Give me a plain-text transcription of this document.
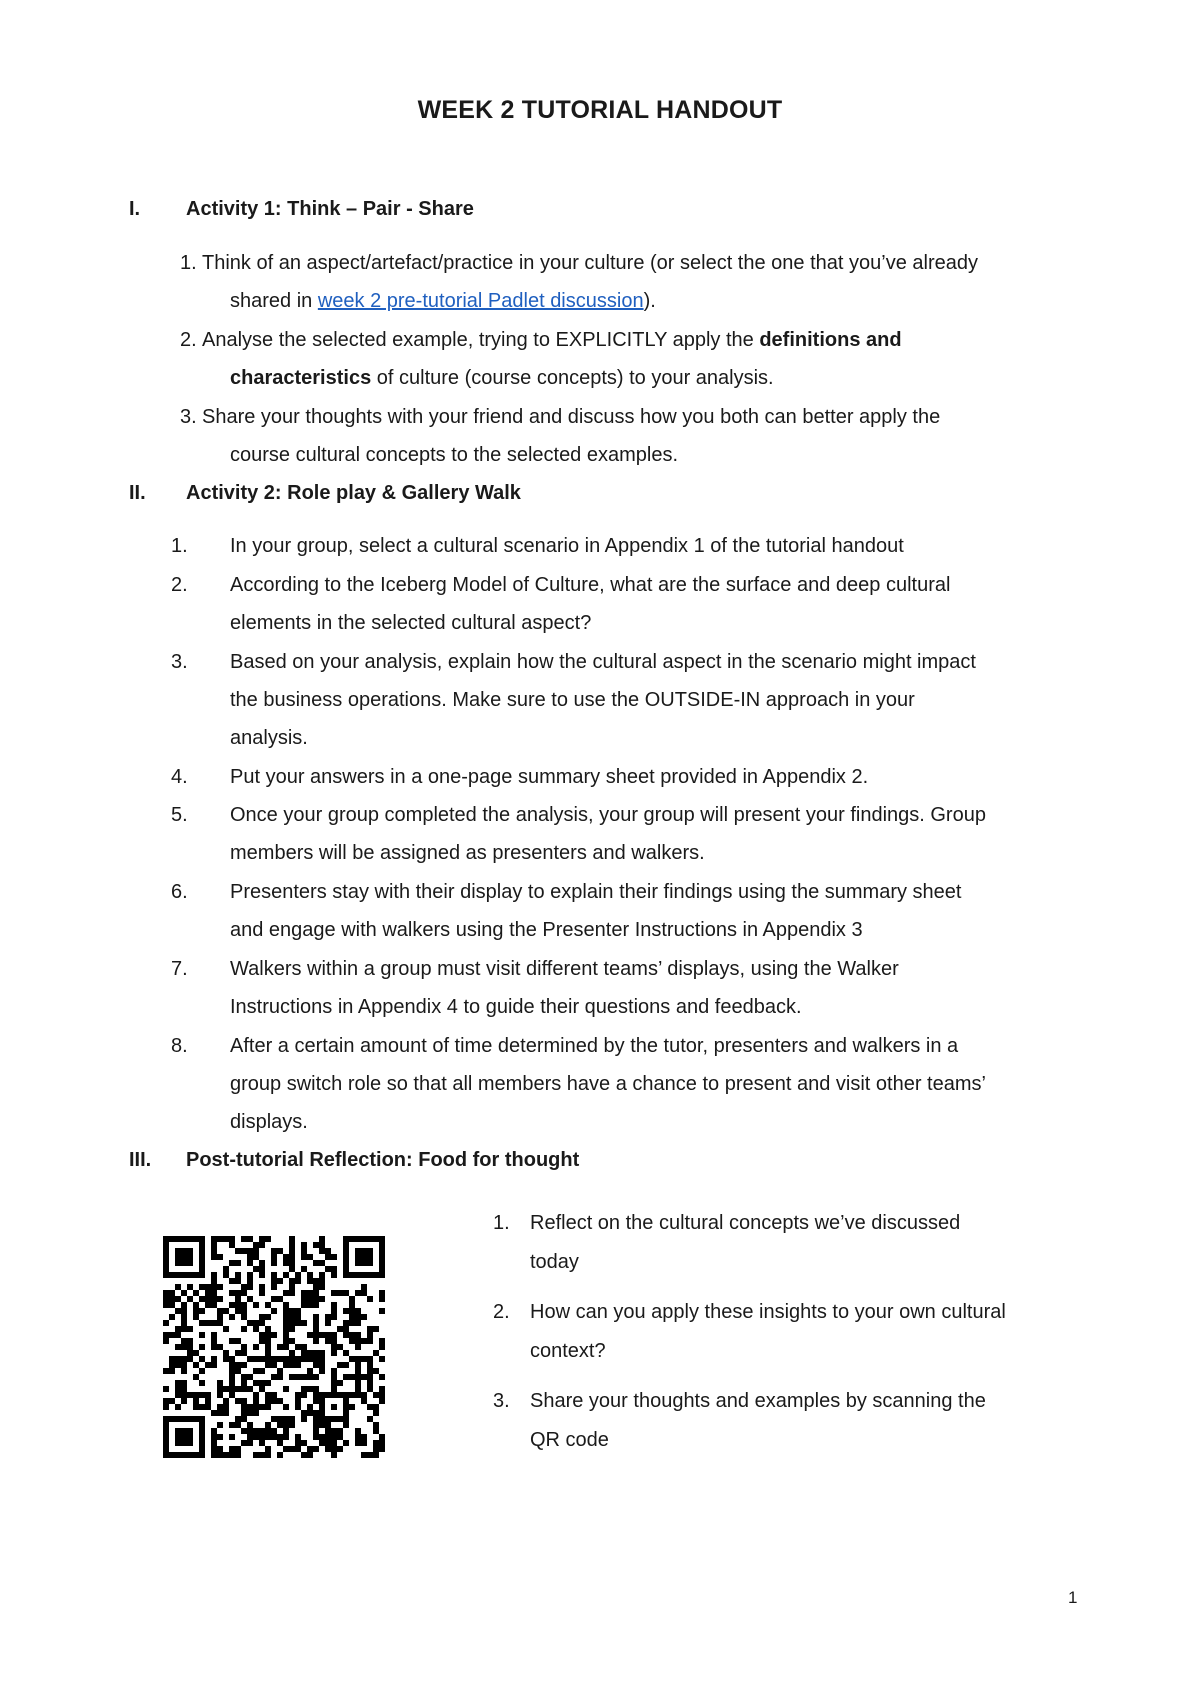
WEEK 2 TUTORIAL HANDOUT
I. Activity 1: Think – Pair - Share
1. Think of an aspect/artefact/practice in your culture (or select the one that you’ve already
shared in week 2 pre-tutorial Padlet discussion).
2. Analyse the selected example, trying to EXPLICITLY apply the definitions and
characteristics of culture (course concepts) to your analysis.
3. Share your thoughts with your friend and discuss how you both can better apply the
course cultural concepts to the selected examples.
II. Activity 2: Role play & Gallery Walk
1. In your group, select a cultural scenario in Appendix 1 of the tutorial handout
2. According to the Iceberg Model of Culture, what are the surface and deep cultural
elements in the selected cultural aspect?
3. Based on your analysis, explain how the cultural aspect in the scenario might impact
the business operations. Make sure to use the OUTSIDE-IN approach in your
analysis.
4. Put your answers in a one-page summary sheet provided in Appendix 2.
5. Once your group completed the analysis, your group will present your findings. Group
members will be assigned as presenters and walkers.
6. Presenters stay with their display to explain their findings using the summary sheet
and engage with walkers using the Presenter Instructions in Appendix 3
7. Walkers within a group must visit different teams’ displays, using the Walker
Instructions in Appendix 4 to guide their questions and feedback.
8. After a certain amount of time determined by the tutor, presenters and walkers in a
group switch role so that all members have a chance to present and visit other teams’
displays.
III. Post-tutorial Reflection: Food for thought
1. Reflect on the cultural concepts we’ve discussed
today
2. How can you apply these insights to your own cultural
context?
3. Share your thoughts and examples by scanning the
QR code
1
